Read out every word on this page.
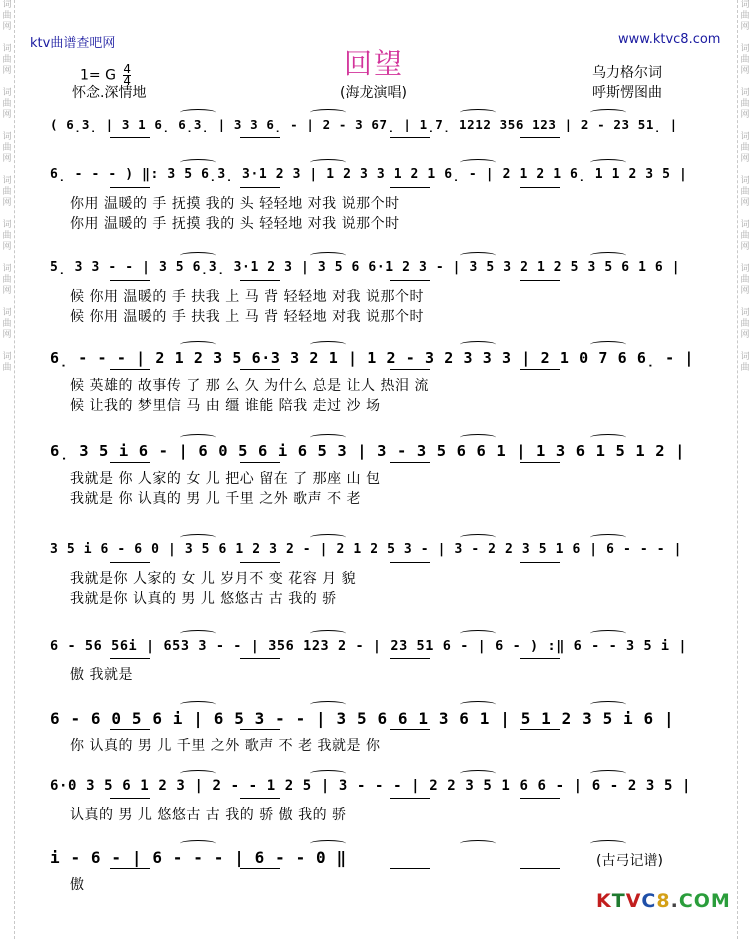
词
曲
网
词
曲
网
词
曲
网
词
曲
网
词
曲
网
词
曲
网
词
曲
网
词
曲
网
词
曲
词
曲
网
词
曲
网
词
曲
网
词
曲
网
词
曲
网
词
曲
网
词
曲
网
词
曲
网
词
曲
ktv曲谱查吧网	www.ktvc8.com
回望
1= G $\frac{4}{4}$
怀念.深情地	(海龙演唱)
乌力格尔词
呼斯愣图曲
( 6̣3̣ | 3 1 6̣ 6̣3̣ | 3 3 6̣ - | 2 - 3 67̣ | 1̣7̣ 1212 356 123 | 2 - 23 51̣ |
6̣ - - - ) ‖: 3 5 6̣3̣ 3·1 2 3 | 1 2 3 3 1 2 1 6̣ - | 2 1 2 1 6̣ 1 1 2 3 5 |
你用 温暖的 手 抚摸 我的 头 轻轻地 对我 说那个时
你用 温暖的 手 抚摸 我的 头 轻轻地 对我 说那个时
5̣ 3 3 - - | 3 5 6̣3̣ 3·1 2 3 | 3 5 6 6·1 2 3 - | 3 5 3 2 1 2 5 3 5 6 1 6 |
候 你用 温暖的 手 扶我 上 马 背 轻轻地 对我 说那个时
候 你用 温暖的 手 扶我 上 马 背 轻轻地 对我 说那个时
6̣ - - - | 2 1 2 3 5 6·3 3 2 1 | 1 2 - 3 2 3 3 3 | 2 1 0 7 6 6̣ - |
候 英雄的 故事传 了 那 么 久 为什么 总是 让人 热泪 流
候 让我的 梦里信 马 由 缰 谁能 陪我 走过 沙 场
6̣ 3 5 i 6 - | 6 0 5 6 i 6 5 3 | 3 - 3 5 6 6 1 | 1 3 6 1 5 1 2 |
我就是 你 人家的 女 儿 把心 留在 了 那座 山 包
我就是 你 认真的 男 儿 千里 之外 歌声 不 老
3 5 i 6 - 6 0 | 3 5 6 1 2 3 2 - | 2 1 2 5 3 - | 3 - 2 2 3 5 1 6 | 6 - - - |
我就是你 人家的 女 儿 岁月不 变 花容 月 貌
我就是你 认真的 男 儿 悠悠古 古 我的 骄
6 - 56 56i | 653 3 - - | 356 123 2 - | 23 51 6 - | 6 - ) :‖ 6 - - 3 5 i |
傲 我就是
6 - 6 0 5 6 i | 6 5 3 - - | 3 5 6 6 1 3 6 1 | 5 1 2 3 5 i 6 |
你 认真的 男 儿 千里 之外 歌声 不 老 我就是 你
6·0 3 5 6 1 2 3 | 2 - - 1 2 5 | 3 - - - | 2 2 3 5 1 6 6 - | 6 - 2 3 5 |
认真的 男 儿 悠悠古 古 我的 骄 傲 我的 骄
i - 6 - | 6 - - - | 6 - - 0 ‖
傲
(古弓记谱)
KTVC8.COM
